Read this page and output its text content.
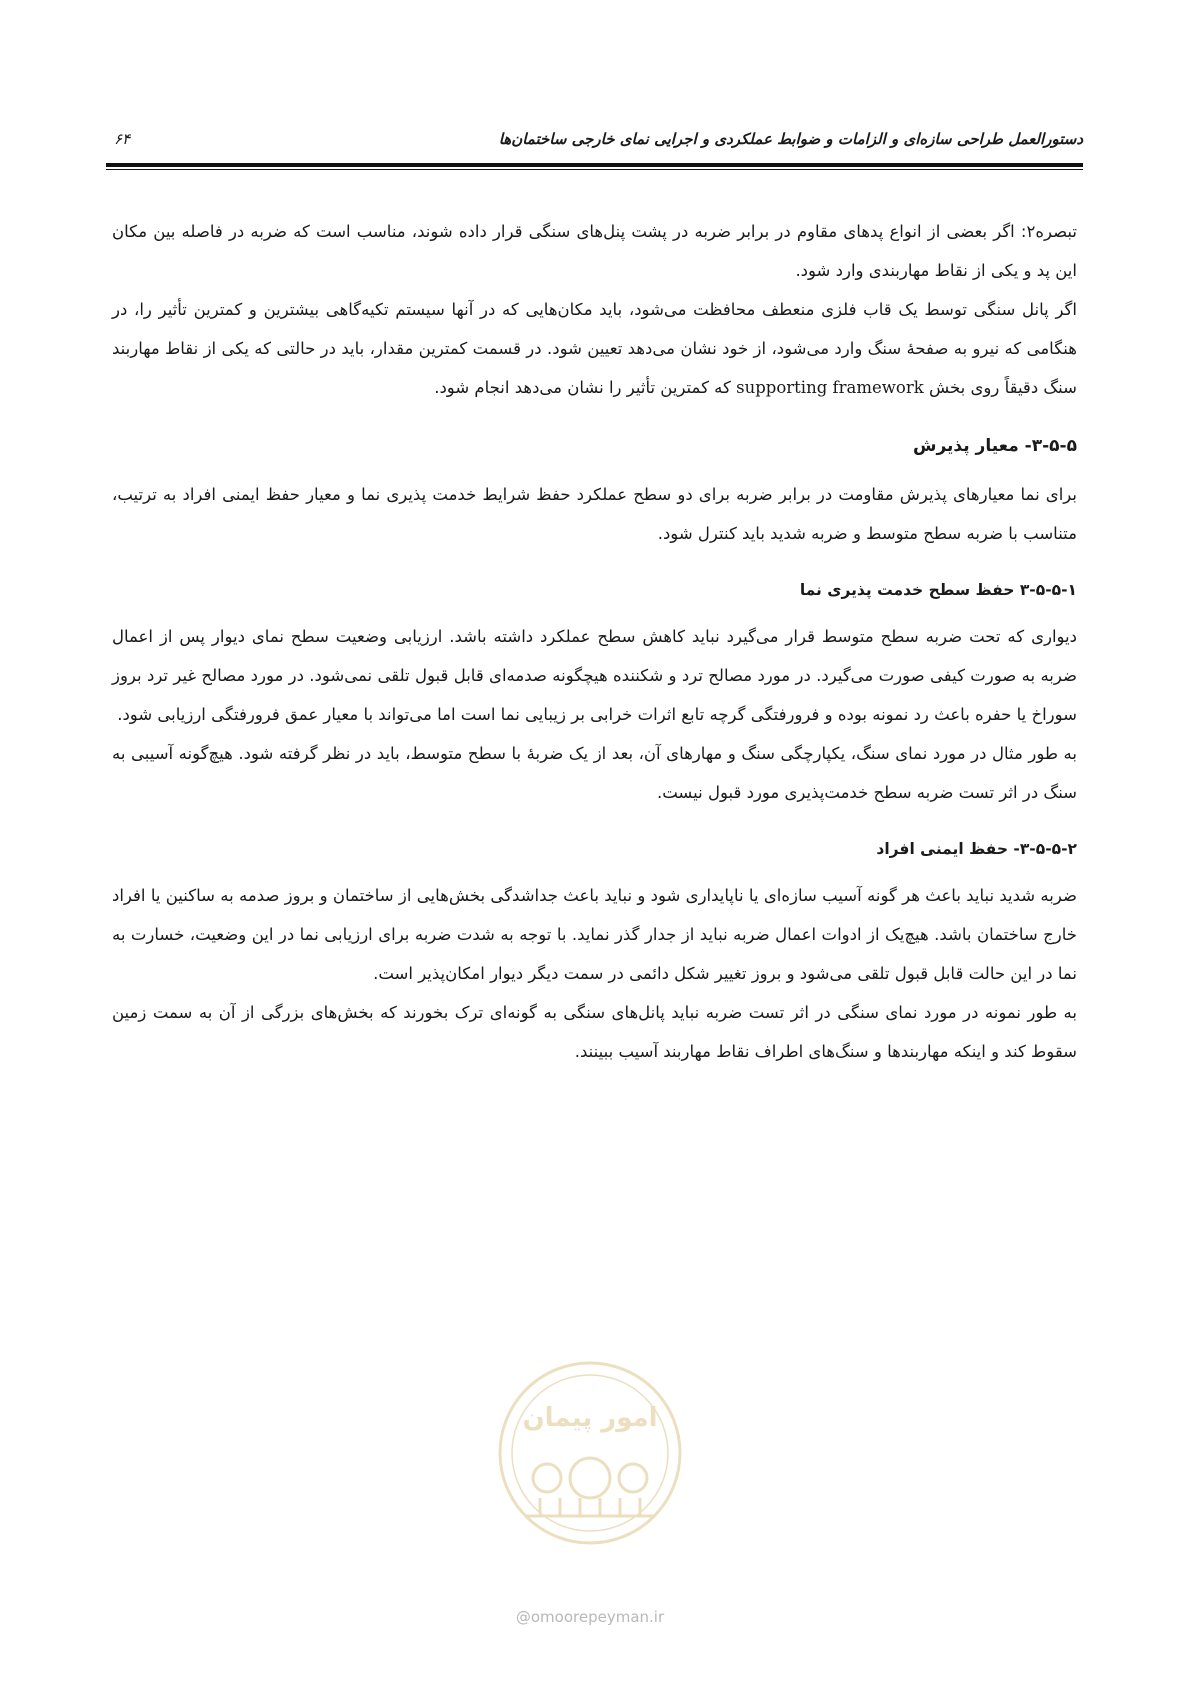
دستورالعمل طراحی سازه‌ای و الزامات و ضوابط عملکردی و اجرایی نمای خارجی ساختمان‌ها
۶۴

تبصره۲: اگر بعضی از انواع پدهای مقاوم در برابر ضربه در پشت پنل‌های سنگی قرار داده شوند، مناسب است که ضربه در فاصله بین مکان این پد و یکی از نقاط مهاربندی وارد شود.

اگر پانل سنگی توسط یک قاب فلزی منعطف محافظت می‌شود، باید مکان‌هایی که در آنها سیستم تکیه‌گاهی بیشترین و کمترین تأثیر را، در هنگامی که نیرو به صفحهٔ سنگ وارد می‌شود، از خود نشان می‌دهد تعیین شود. در قسمت کمترین مقدار، باید در حالتی که یکی از نقاط مهاربند سنگ دقیقاً روی بخش supporting framework که کمترین تأثیر را نشان می‌دهد انجام شود.

۳-۵-۵- معیار پذیرش

برای نما معیارهای پذیرش مقاومت در برابر ضربه برای دو سطح عملکرد حفظ شرایط خدمت پذیری نما و معیار حفظ ایمنی افراد به ترتیب، متناسب با ضربه سطح متوسط و ضربه شدید باید کنترل شود.

۳-۵-۵-۱ حفظ سطح خدمت پذیری نما

دیواری که تحت ضربه سطح متوسط قرار می‌گیرد نباید کاهش سطح عملکرد داشته باشد. ارزیابی وضعیت سطح نمای دیوار پس از اعمال ضربه به صورت کیفی صورت می‌گیرد. در مورد مصالح ترد و شکننده هیچگونه صدمه‌ای قابل قبول تلقی نمی‌شود. در مورد مصالح غیر ترد بروز سوراخ یا حفره باعث رد نمونه بوده و فرورفتگی گرچه تابع اثرات خرابی بر زیبایی نما است اما می‌تواند با معیار عمق فرورفتگی ارزیابی شود.

به طور مثال در مورد نمای سنگ، یکپارچگی سنگ و مهارهای آن، بعد از یک ضربهٔ با سطح متوسط، باید در نظر گرفته شود. هیچ‌گونه آسیبی به سنگ در اثر تست ضربه سطح خدمت‌پذیری مورد قبول نیست.

۳-۵-۵-۲- حفظ ایمنی افراد

ضربه شدید نباید باعث هر گونه آسیب سازه‌ای یا ناپایداری شود و نباید باعث جداشدگی بخش‌هایی از ساختمان و بروز صدمه به ساکنین یا افراد خارج ساختمان باشد. هیچ‌یک از ادوات اعمال ضربه نباید از جدار گذر نماید. با توجه به شدت ضربه برای ارزیابی نما در این وضعیت، خسارت به نما در این حالت قابل قبول تلقی می‌شود و بروز تغییر شکل دائمی در سمت دیگر دیوار امکان‌پذیر است.

به طور نمونه در مورد نمای سنگی در اثر تست ضربه نباید پانل‌های سنگی به گونه‌ای ترک بخورند که بخش‌های بزرگی از آن به سمت زمین سقوط کند و اینکه مهاربندها و سنگ‌های اطراف نقاط مهاربند آسیب ببینند.

امور پیمان
@omoorepeyman.ir
